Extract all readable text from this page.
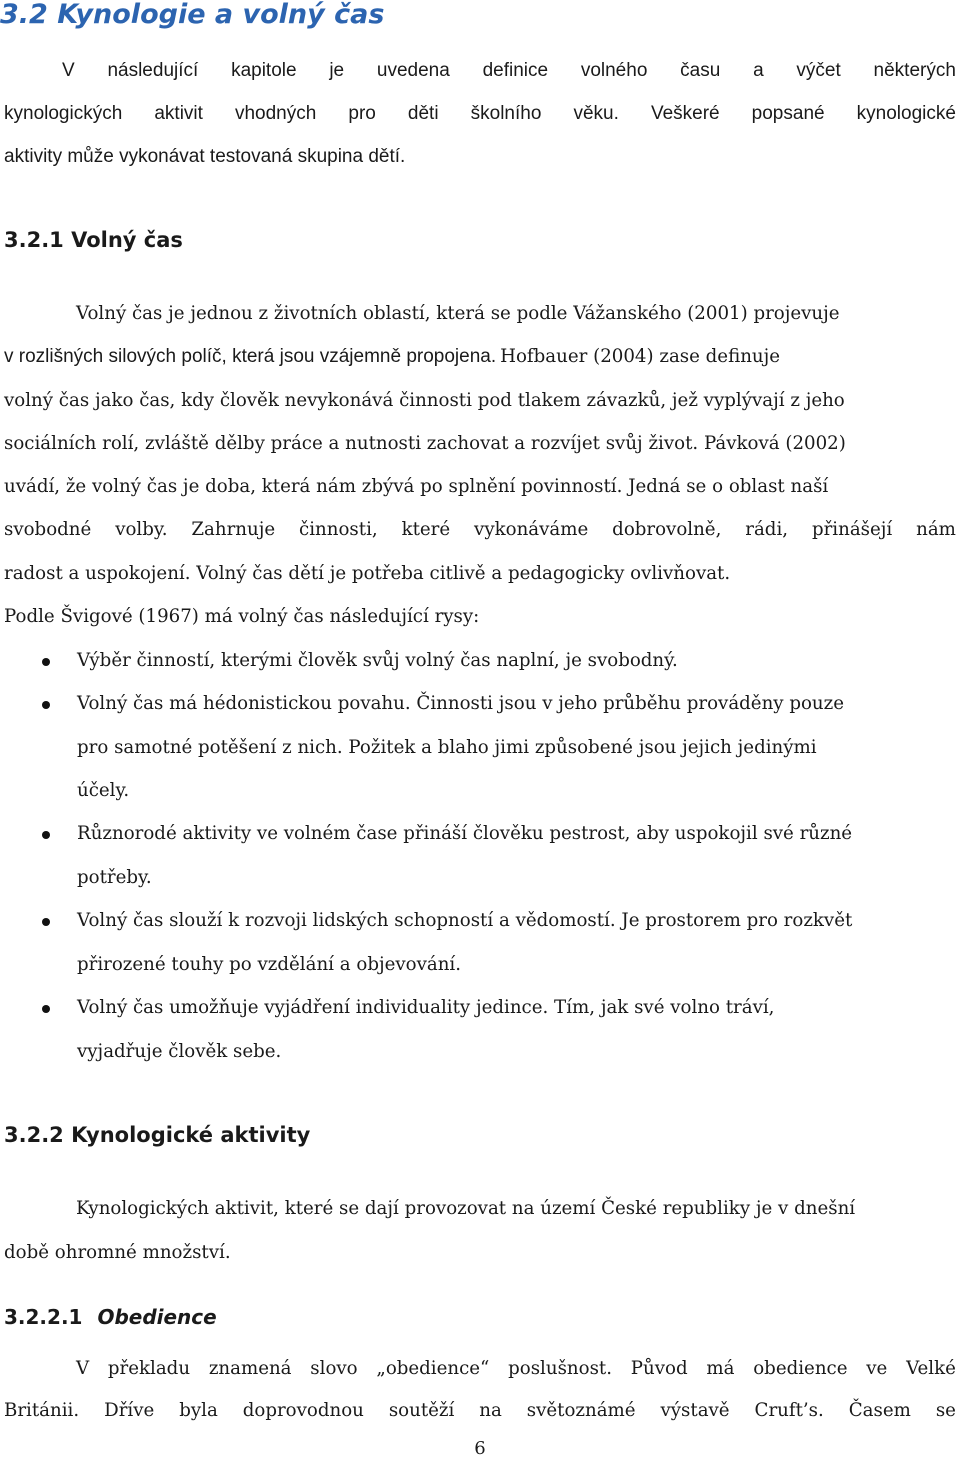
3.2 Kynologie a volný čas
V následující kapitole je uvedena definice volného času a výčet některých
kynologických aktivit vhodných pro děti školního věku. Veškeré popsané kynologické
aktivity může vykonávat testovaná skupina dětí.
3.2.1 Volný čas
Volný čas je jednou z životních oblastí, která se podle Vážanského (2001) projevuje
v rozlišných silových políč, která jsou vzájemně propojena. Hofbauer (2004) zase definuje
volný čas jako čas, kdy člověk nevykonává činnosti pod tlakem závazků, jež vyplývají z jeho
sociálních rolí, zvláště dělby práce a nutnosti zachovat a rozvíjet svůj život. Pávková (2002)
uvádí, že volný čas je doba, která nám zbývá po splnění povinností. Jedná se o oblast naší
svobodné volby. Zahrnuje činnosti, které vykonáváme dobrovolně, rádi, přinášejí nám
radost a uspokojení. Volný čas dětí je potřeba citlivě a pedagogicky ovlivňovat.
Podle Švigové (1967) má volný čas následující rysy:
Výběr činností, kterými člověk svůj volný čas naplní, je svobodný.
Volný čas má hédonistickou povahu. Činnosti jsou v jeho průběhu prováděny pouze
pro samotné potěšení z nich. Požitek a blaho jimi způsobené jsou jejich jedinými
účely.
Různorodé aktivity ve volném čase přináší člověku pestrost, aby uspokojil své různé
potřeby.
Volný čas slouží k rozvoji lidských schopností a vědomostí. Je prostorem pro rozkvět
přirozené touhy po vzdělání a objevování.
Volný čas umožňuje vyjádření individuality jedince. Tím, jak své volno tráví,
vyjadřuje člověk sebe.
3.2.2 Kynologické aktivity
Kynologických aktivit, které se dají provozovat na území České republiky je v dnešní
době ohromné množství.
3.2.2.1 Obedience
V překladu znamená slovo „obedience“ poslušnost. Původ má obedience ve Velké
Británii. Dříve byla doprovodnou soutěží na světoznámé výstavě Cruft’s. Časem se
6
